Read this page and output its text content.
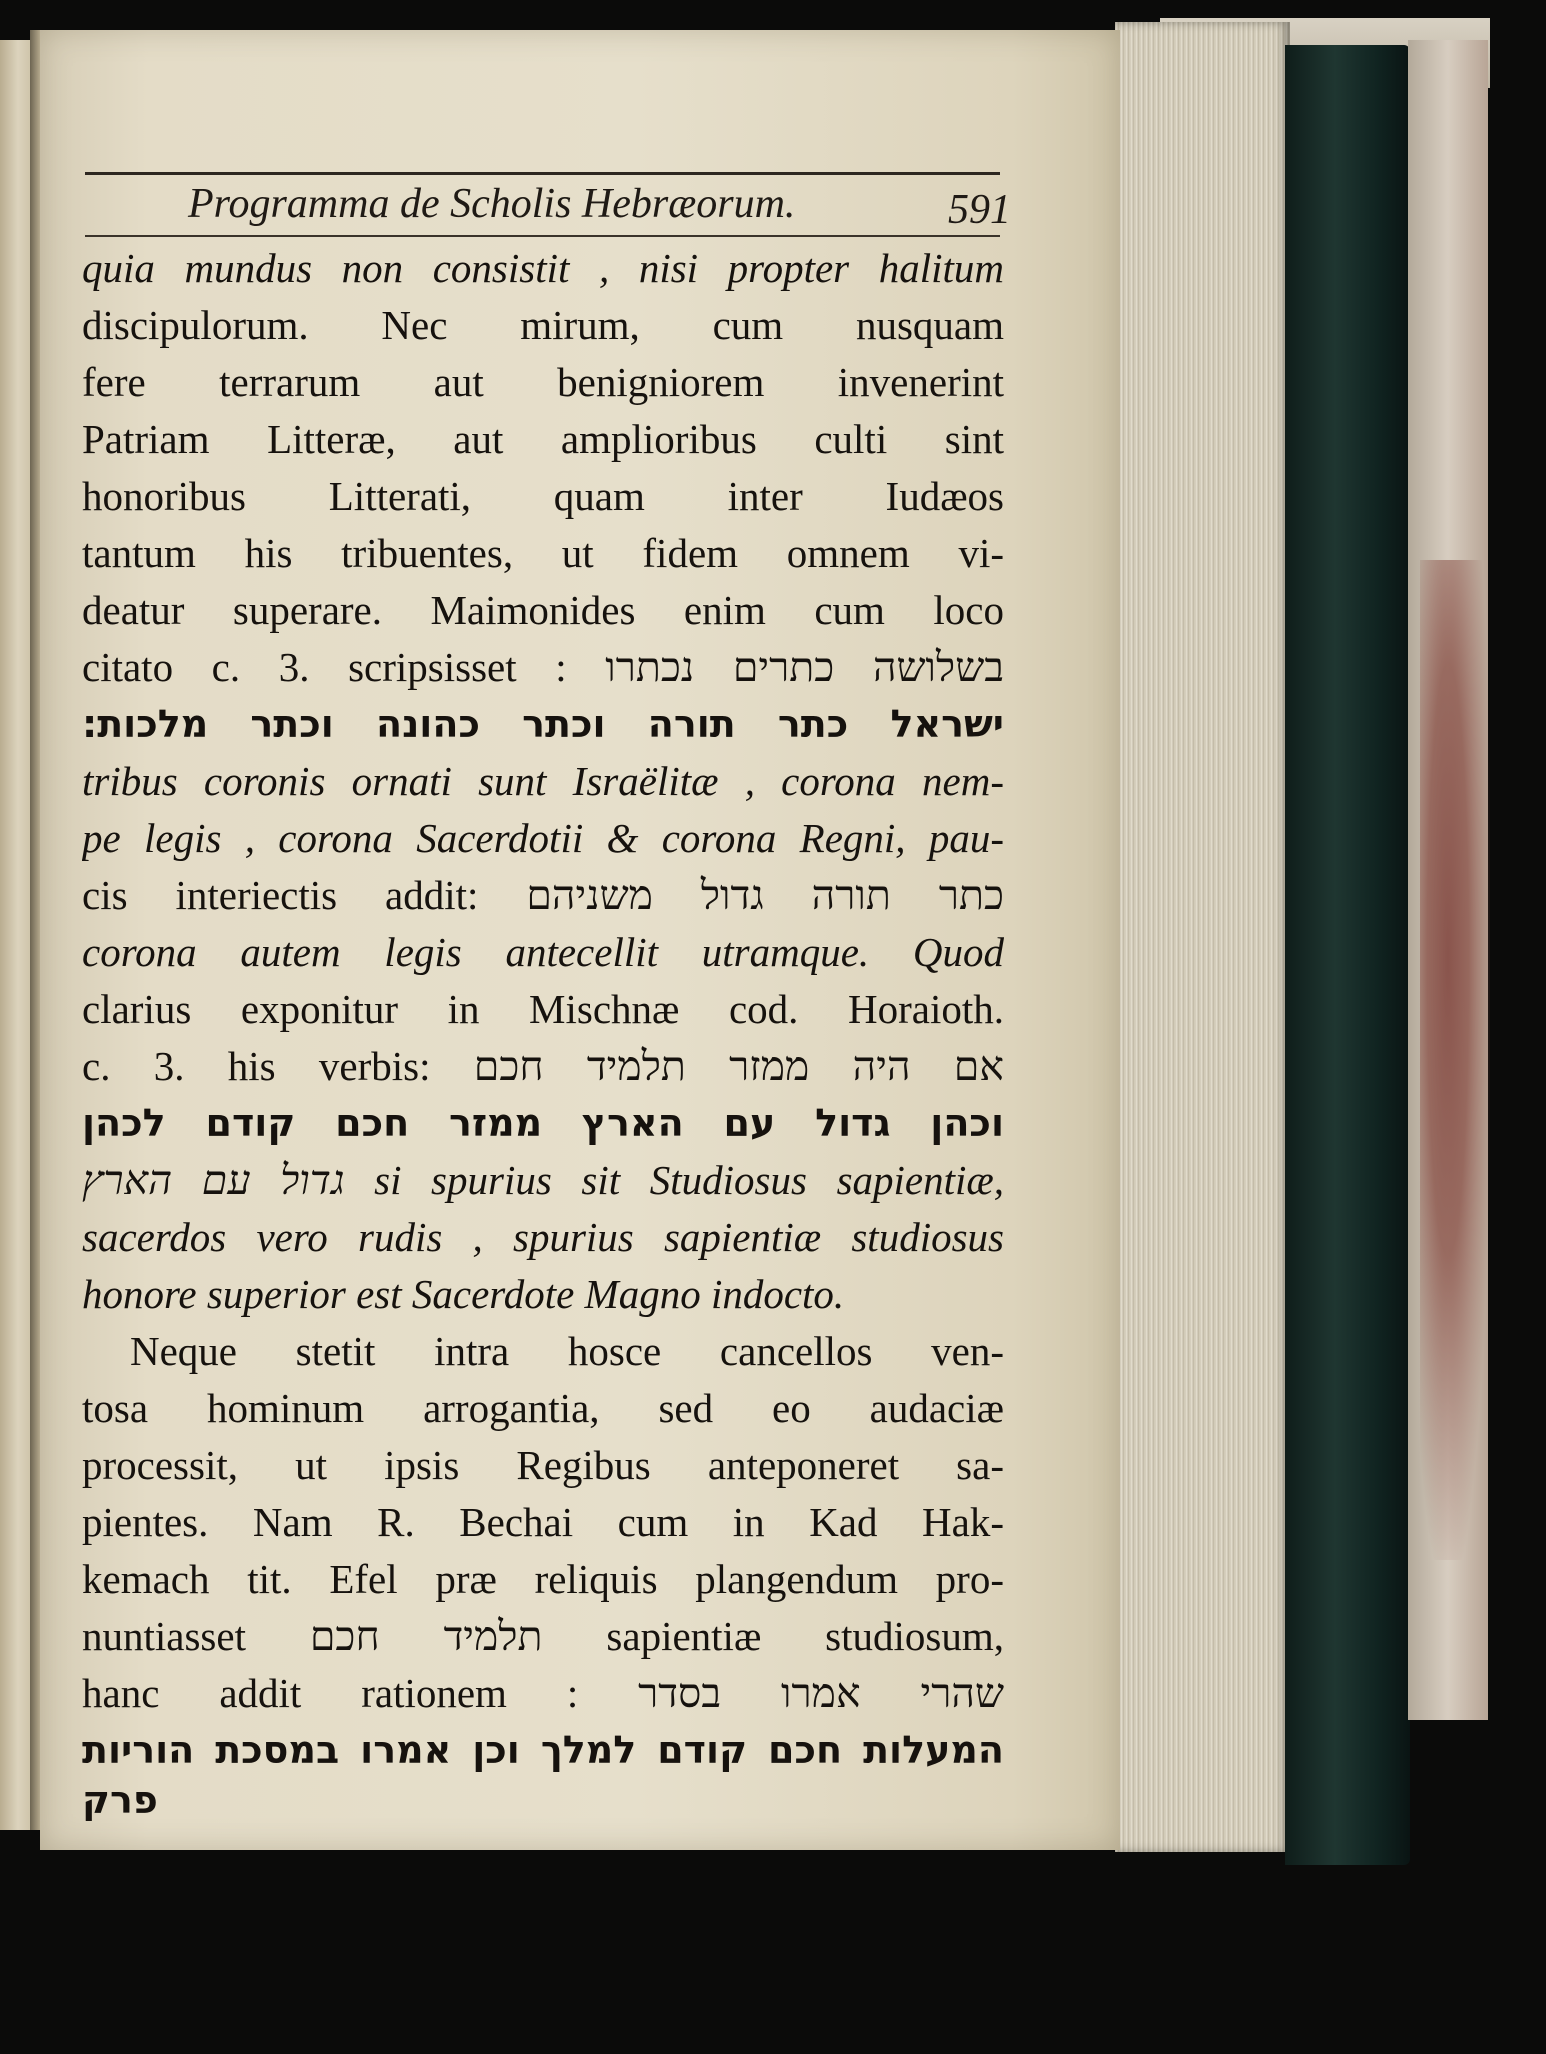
Programma de Scholis Hebræorum.	591
quia mundus non consistit , nisi propter halitum
discipulorum. Nec mirum, cum nusquam
fere terrarum aut benigniorem invenerint
Patriam Litteræ, aut amplioribus culti sint
honoribus Litterati, quam inter Iudæos
tantum his tribuentes, ut fidem omnem vi-
deatur superare. Maimonides enim cum loco
citato c. 3. scripsisset : בשלושה כתרים נכתרו
ישראל כתר תורה וכתר כהונה וכתר מלכות:
tribus coronis ornati sunt Israëlitæ , corona nem-
pe legis , corona Sacerdotii & corona Regni, pau-
cis interiectis addit: כתר תורה גדול משניהם
corona autem legis antecellit utramque. Quod
clarius exponitur in Mischnæ cod. Horaioth.
c. 3. his verbis: אם היה ממזר תלמיד חכם
וכהן גדול עם הארץ ממזר חכם קודם לכהן
גדול עם הארץ si spurius sit Studiosus sapientiæ,
sacerdos vero rudis , spurius sapientiæ studiosus
honore superior est Sacerdote Magno indocto.
Neque stetit intra hosce cancellos ven-
tosa hominum arrogantia, sed eo audaciæ
processit, ut ipsis Regibus anteponeret sa-
pientes. Nam R. Bechai cum in Kad Hak-
kemach tit. Efel præ reliquis plangendum pro-
nuntiasset תלמיד חכם sapientiæ studiosum,
hanc addit rationem : שהרי אמרו בסדר
המעלות חכם קודם למלך וכן אמרו במסכת הוריות
פרק
